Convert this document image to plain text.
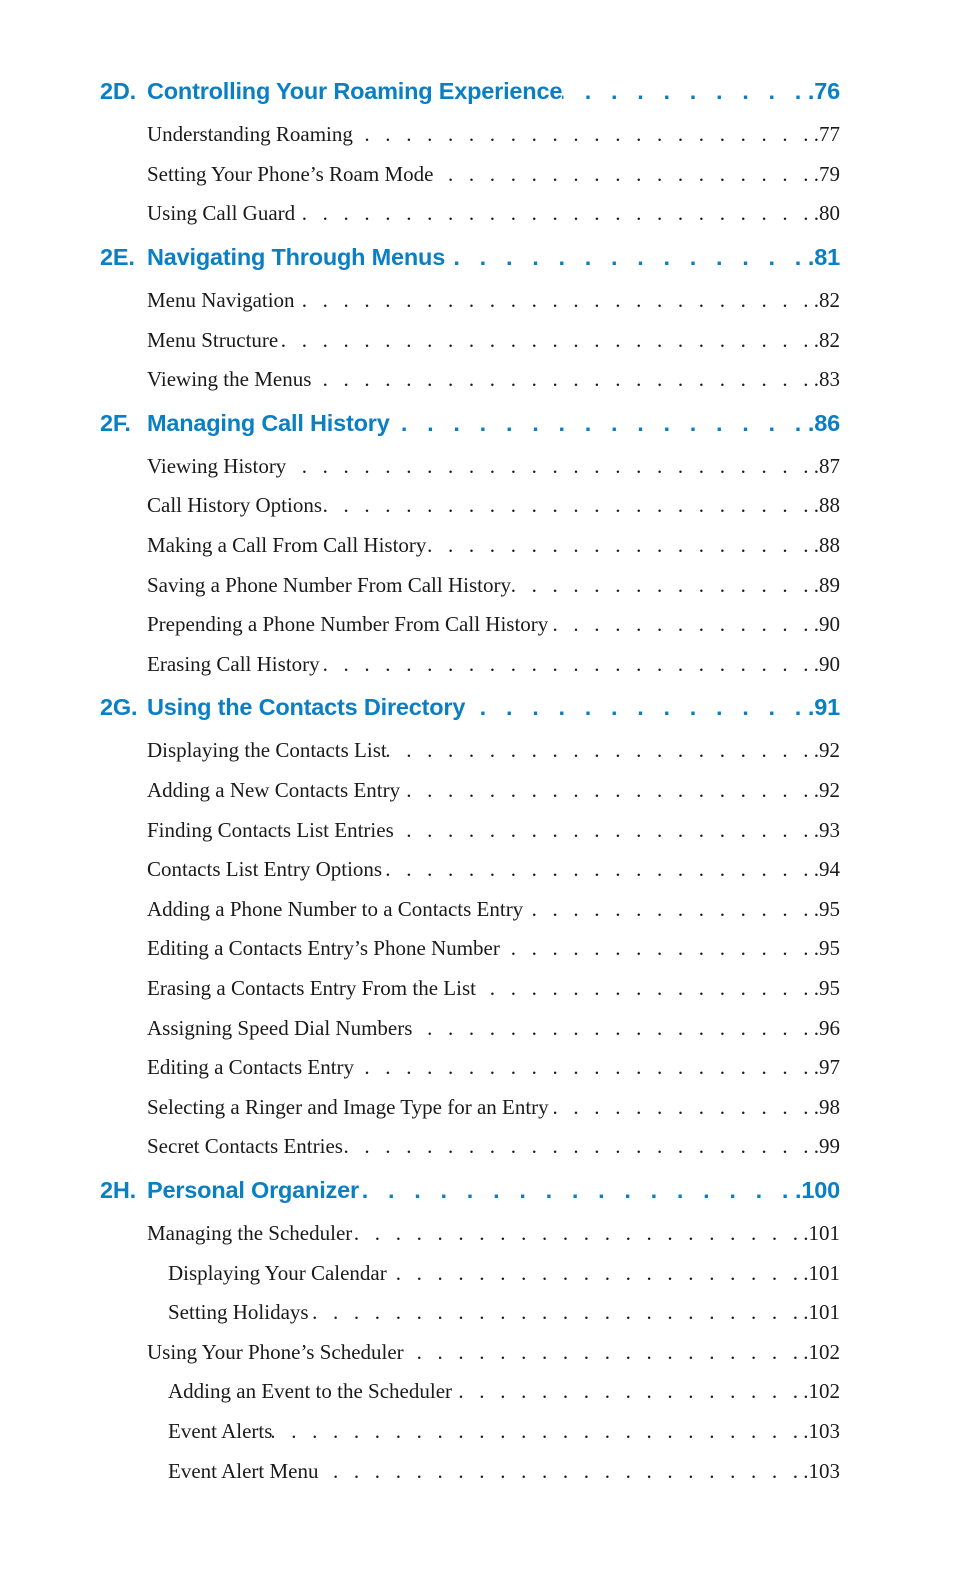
2D. Controlling Your Roaming Experience . . .	.76
Understanding Roaming . . .	.77
Setting Your Phone’s Roam Mode . . .	.79
Using Call Guard . . .	.80
2E. Navigating Through Menus . . .	.81
Menu Navigation . . .	.82
Menu Structure . . .	.82
Viewing the Menus . . .	.83
2F. Managing Call History . . .	.86
Viewing History . . .	.87
Call History Options . . .	.88
Making a Call From Call History . . .	.88
Saving a Phone Number From Call History . . .	.89
Prepending a Phone Number From Call History . . .	.90
Erasing Call History . . .	.90
2G. Using the Contacts Directory . . .	.91
Displaying the Contacts List . . .	.92
Adding a New Contacts Entry . . .	.92
Finding Contacts List Entries . . .	.93
Contacts List Entry Options . . .	.94
Adding a Phone Number to a Contacts Entry . . .	.95
Editing a Contacts Entry’s Phone Number . . .	.95
Erasing a Contacts Entry From the List . . .	.95
Assigning Speed Dial Numbers . . .	.96
Editing a Contacts Entry . . .	.97
Selecting a Ringer and Image Type for an Entry . . .	.98
Secret Contacts Entries . . .	.99
2H. Personal Organizer . . .	.100
Managing the Scheduler . . .	.101
Displaying Your Calendar . . .	.101
Setting Holidays . . .	.101
Using Your Phone’s Scheduler . . .	.102
Adding an Event to the Scheduler . . .	.102
Event Alerts . . .	.103
Event Alert Menu . . .	.103
